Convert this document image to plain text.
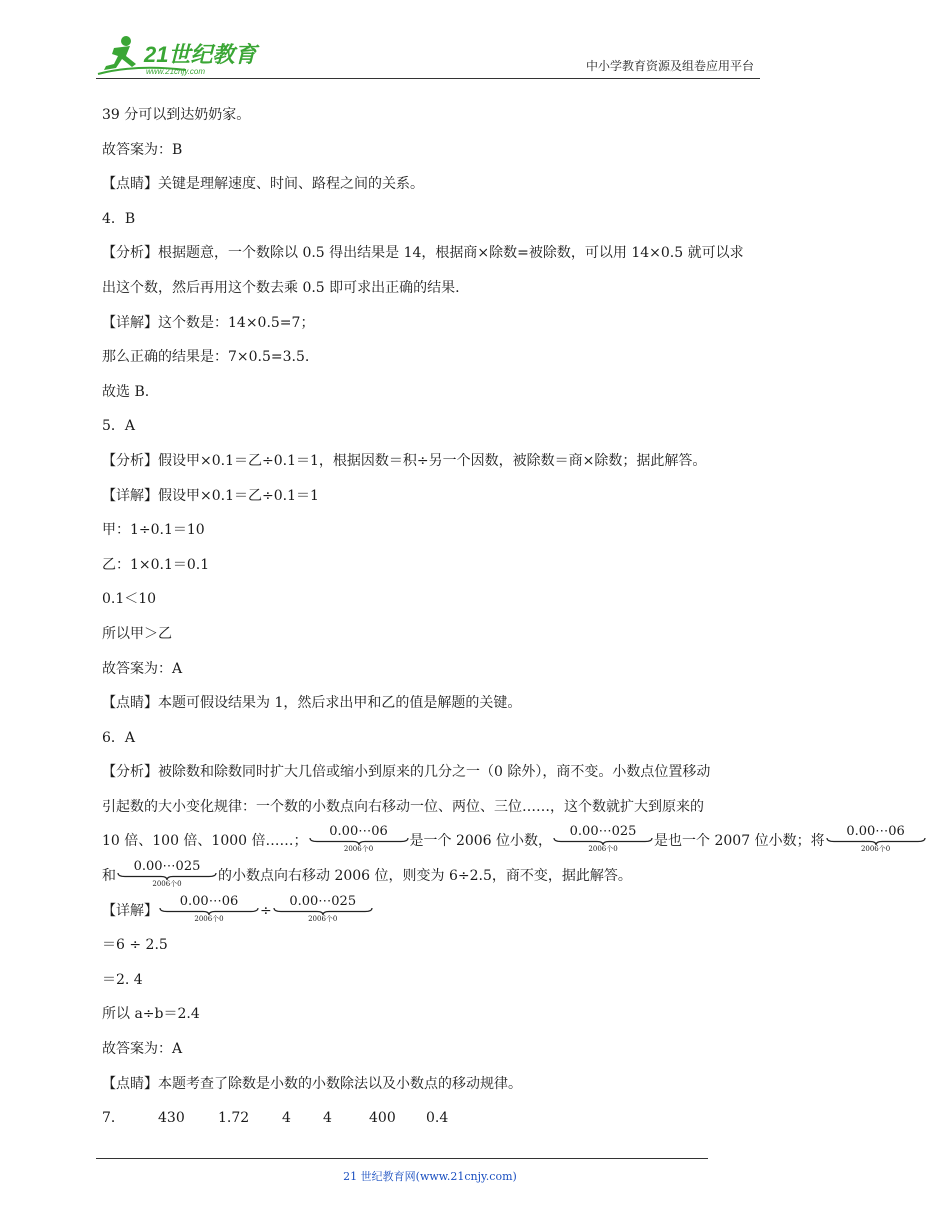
21世纪教育
www.21cnjy.com	中小学教育资源及组卷应用平台
39 分可以到达奶奶家。
故答案为：B
【点睛】关键是理解速度、时间、路程之间的关系。
4．B
【分析】根据题意，一个数除以 0.5 得出结果是 14，根据商×除数=被除数，可以用 14×0.5 就可以求
出这个数，然后再用这个数去乘 0.5 即可求出正确的结果.
【详解】这个数是：14×0.5=7；
那么正确的结果是：7×0.5=3.5.
故选 B.
5．A
【分析】假设甲×0.1＝乙÷0.1＝1，根据因数＝积÷另一个因数，被除数＝商×除数；据此解答。
【详解】假设甲×0.1＝乙÷0.1＝1
甲：1÷0.1＝10
乙：1×0.1＝0.1
0.1＜10
所以甲＞乙
故答案为：A
【点睛】本题可假设结果为 1，然后求出甲和乙的值是解题的关键。
6．A
【分析】被除数和除数同时扩大几倍或缩小到原来的几分之一（0 除外），商不变。小数点位置移动
引起数的大小变化规律：一个数的小数点向右移动一位、两位、三位……，这个数就扩大到原来的
10 倍、100 倍、1000 倍……；
0.00⋯06
2006个0	是一个 2006 位小数，
0.00⋯025
2006个0	是也一个 2007 位小数；将
0.00⋯06
2006个0
和
0.00⋯025
2006个0	的小数点向右移动 2006 位，则变为 6÷2.5，商不变，据此解答。
【详解】
0.00⋯06
2006个0	÷
0.00⋯025
2006个0
＝6 ÷ 2.5
＝2. 4
所以 a÷b＝2.4
故答案为：A
【点睛】本题考查了除数是小数的小数除法以及小数点的移动规律。
7． 430 1.72 4 4	400 0.4
21 世纪教育网(www.21cnjy.com)
